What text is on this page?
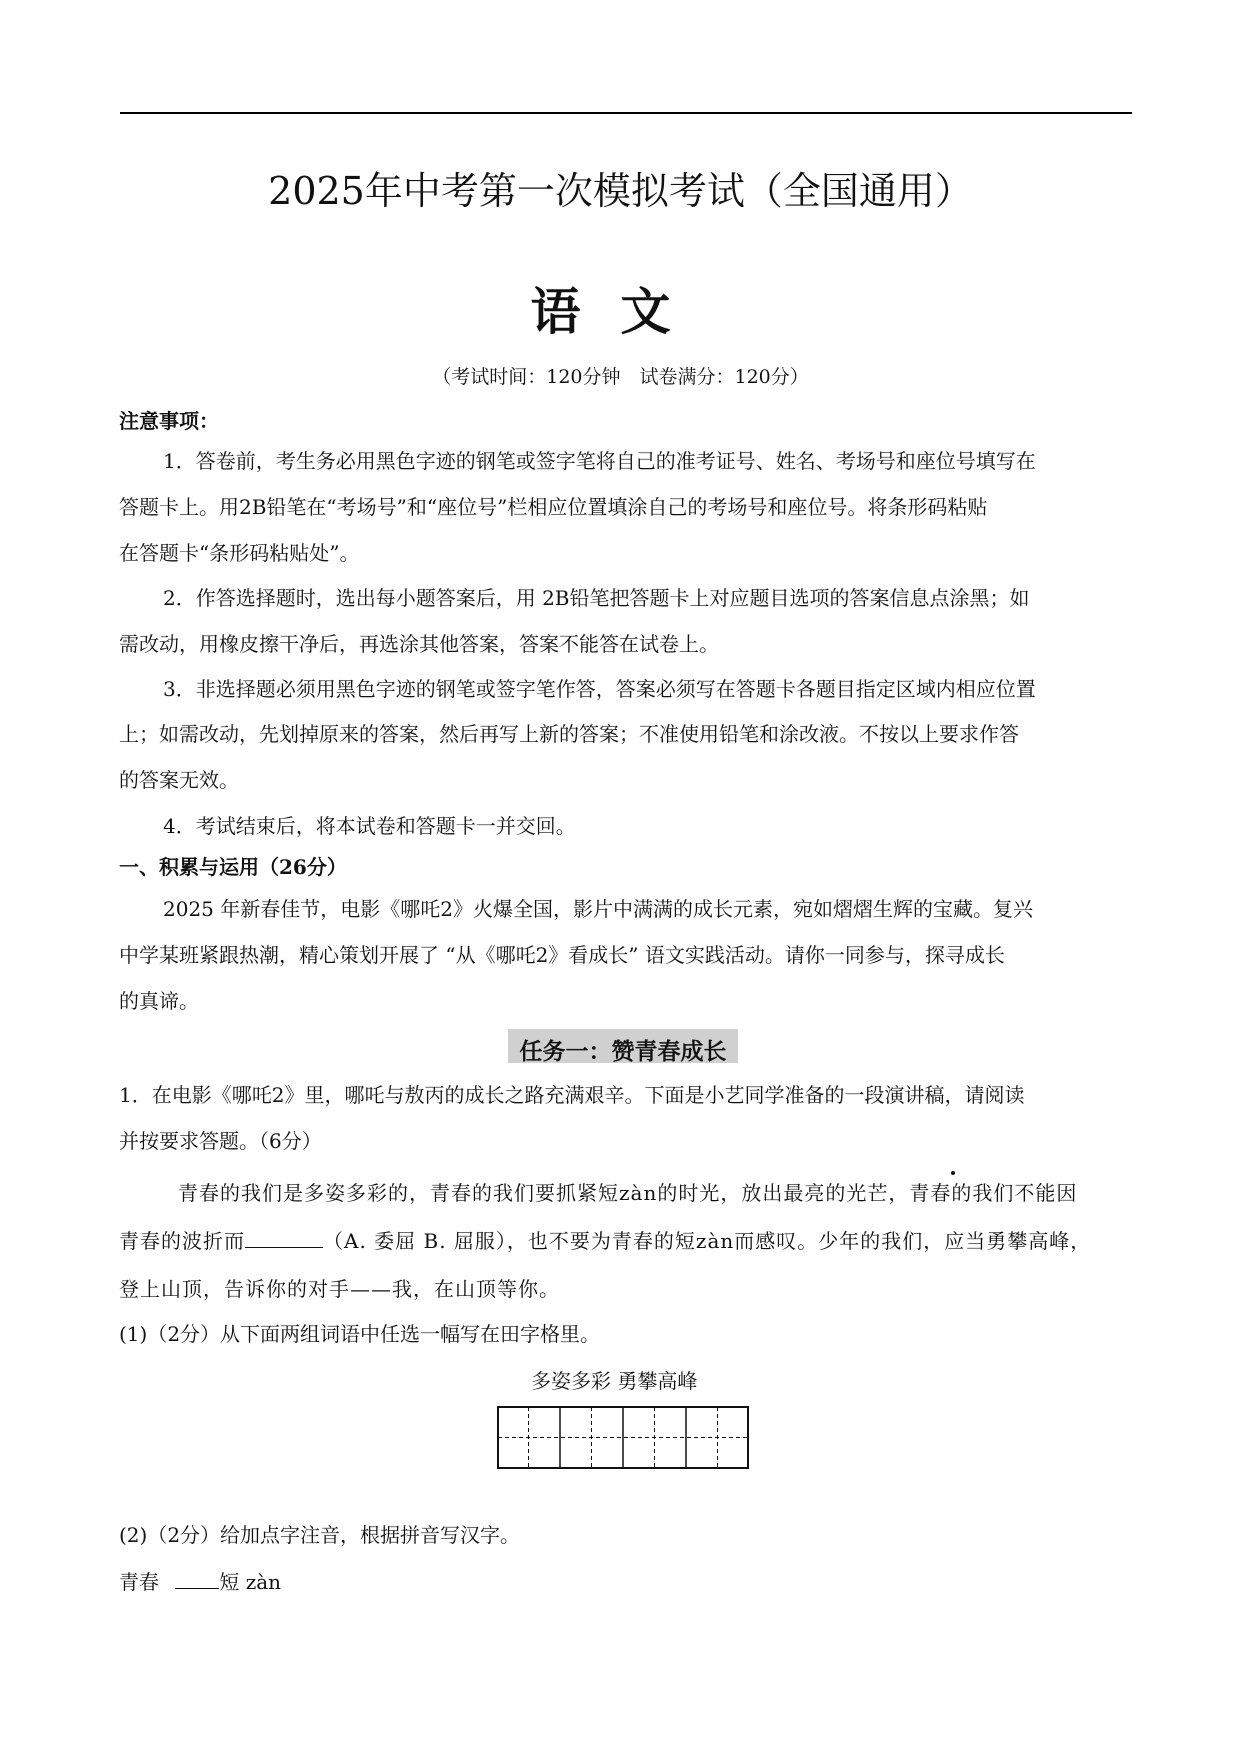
2025年中考第一次模拟考试（全国通用）
语文
（考试时间：120分钟　试卷满分：120分）
注意事项：
1．答卷前，考生务必用黑色字迹的钢笔或签字笔将自己的准考证号、姓名、考场号和座位号填写在
答题卡上。用2B铅笔在“考场号”和“座位号”栏相应位置填涂自己的考场号和座位号。将条形码粘贴
在答题卡“条形码粘贴处”。
2．作答选择题时，选出每小题答案后，用 2B铅笔把答题卡上对应题目选项的答案信息点涂黑；如
需改动，用橡皮擦干净后，再选涂其他答案，答案不能答在试卷上。
3．非选择题必须用黑色字迹的钢笔或签字笔作答，答案必须写在答题卡各题目指定区域内相应位置
上；如需改动，先划掉原来的答案，然后再写上新的答案；不准使用铅笔和涂改液。不按以上要求作答
的答案无效。
4．考试结束后，将本试卷和答题卡一并交回。
一、积累与运用（26分）
2025 年新春佳节，电影《哪吒2》火爆全国，影片中满满的成长元素，宛如熠熠生辉的宝藏。复兴
中学某班紧跟热潮，精心策划开展了 “从《哪吒2》看成长” 语文实践活动。请你一同参与，探寻成长
的真谛。
任务一：赞青春成长
1．在电影《哪吒2》里，哪吒与敖丙的成长之路充满艰辛。下面是小艺同学准备的一段演讲稿，请阅读
并按要求答题。（6分）
青春的我们是多姿多彩的，青春的我们要抓紧短zàn的时光，放出最亮的光芒，青春的我们不能因
青春的波折而	（A. 委屈 B. 屈服），也不要为青春的短zàn而感叹。少年的我们，应当勇攀高峰，
登上山顶，告诉你的对手——我，在山顶等你。
(1)（2分）从下面两组词语中任选一幅写在田字格里。
多姿多彩 勇攀高峰
(2)（2分）给加点字注音，根据拼音写汉字。
青春	短 zàn
